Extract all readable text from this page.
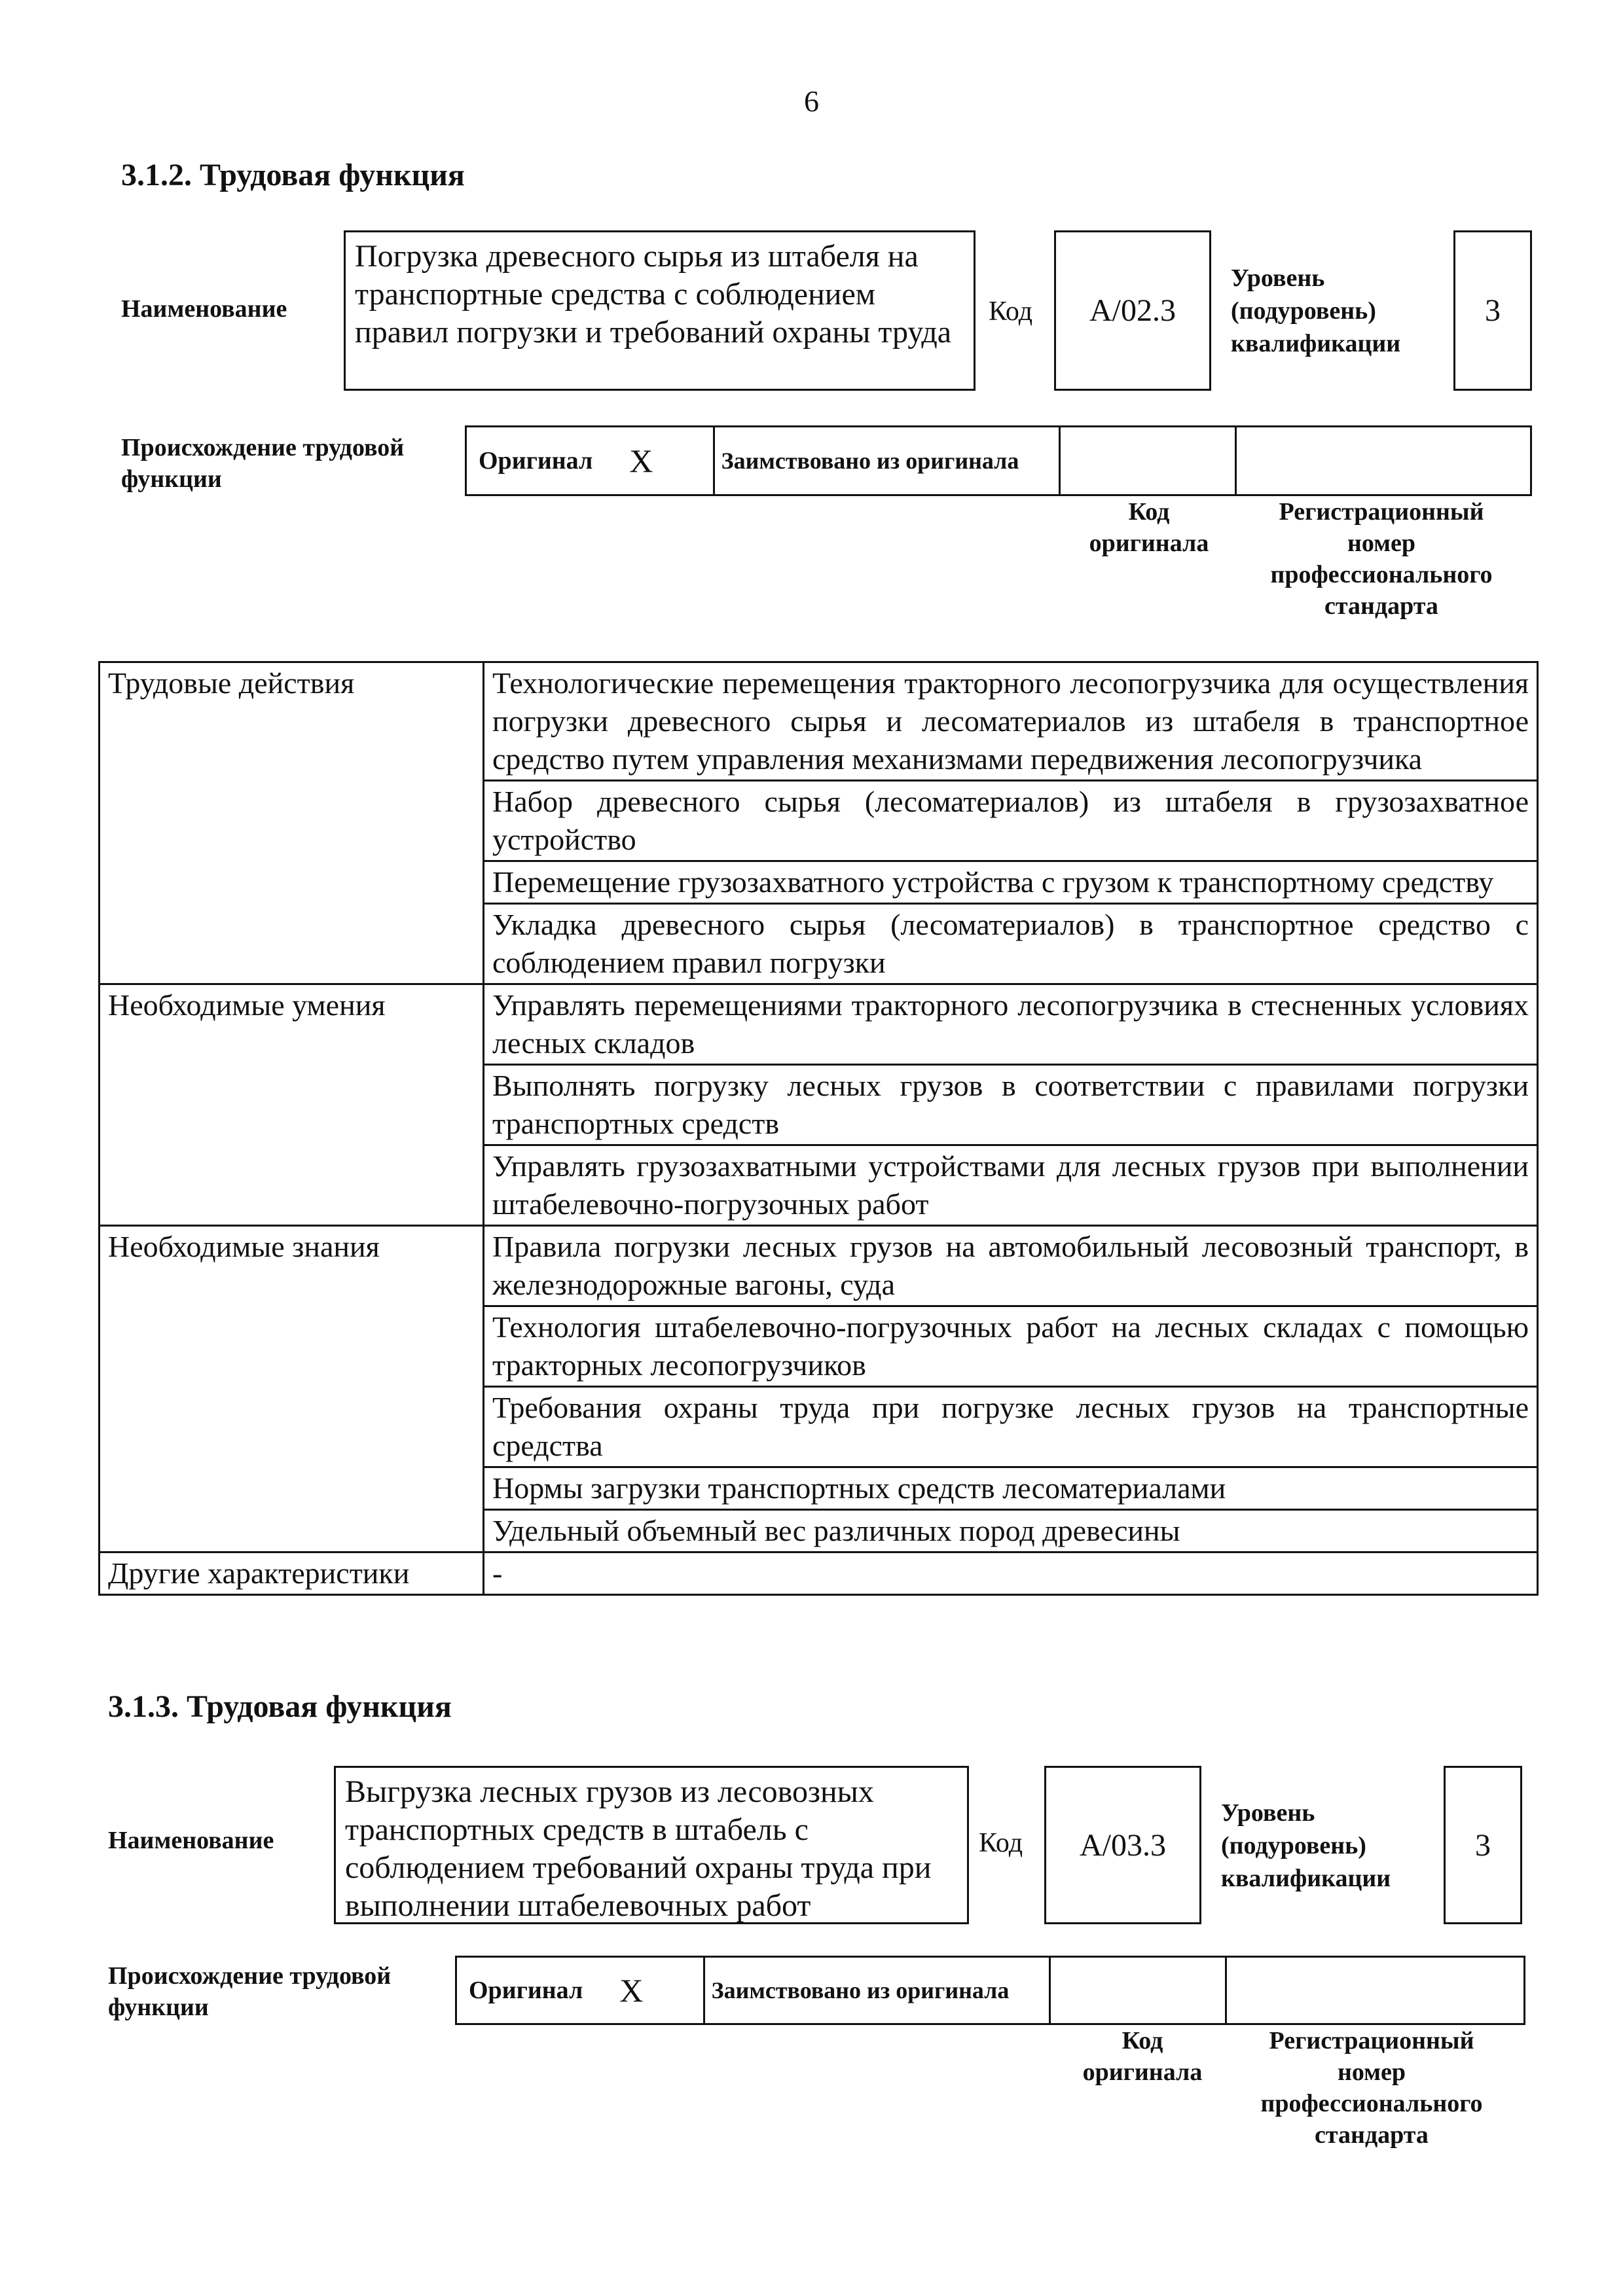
6
3.1.2. Трудовая функция
Наименование
Погрузка древесного сырья из штабеля на транспортные средства с соблюдением правил погрузки и требований охраны труда
Код	А/02.3
Уровень (подуровень) квалификации
3
Происхождение трудовой функции
Оригинал X	Заимствовано из оригинала
Код оригинала
Регистрационный номер профессионального стандарта
Трудовые действия	Технологические перемещения тракторного лесопогрузчика для осуществления погрузки древесного сырья и лесоматериалов из штабеля в транспортное средство путем управления механизмами передвижения лесопогрузчика
	Набор древесного сырья (лесоматериалов) из штабеля в грузозахватное устройство
	Перемещение грузозахватного устройства с грузом к транспортному средству
	Укладка древесного сырья (лесоматериалов) в транспортное средство с соблюдением правил погрузки
Необходимые умения	Управлять перемещениями тракторного лесопогрузчика в стесненных условиях лесных складов
	Выполнять погрузку лесных грузов в соответствии с правилами погрузки транспортных средств
	Управлять грузозахватными устройствами для лесных грузов при выполнении штабелевочно-погрузочных работ
Необходимые знания	Правила погрузки лесных грузов на автомобильный лесовозный транспорт, в железнодорожные вагоны, суда
	Технология штабелевочно-погрузочных работ на лесных складах с помощью тракторных лесопогрузчиков
	Требования охраны труда при погрузке лесных грузов на транспортные средства
	Нормы загрузки транспортных средств лесоматериалами
	Удельный объемный вес различных пород древесины
Другие характеристики	-
3.1.3. Трудовая функция
Наименование
Выгрузка лесных грузов из лесовозных транспортных средств в штабель с соблюдением требований охраны труда при выполнении штабелевочных работ
Код	А/03.3
Уровень (подуровень) квалификации
3
Происхождение трудовой функции
Оригинал X	Заимствовано из оригинала
Код оригинала
Регистрационный номер профессионального стандарта
